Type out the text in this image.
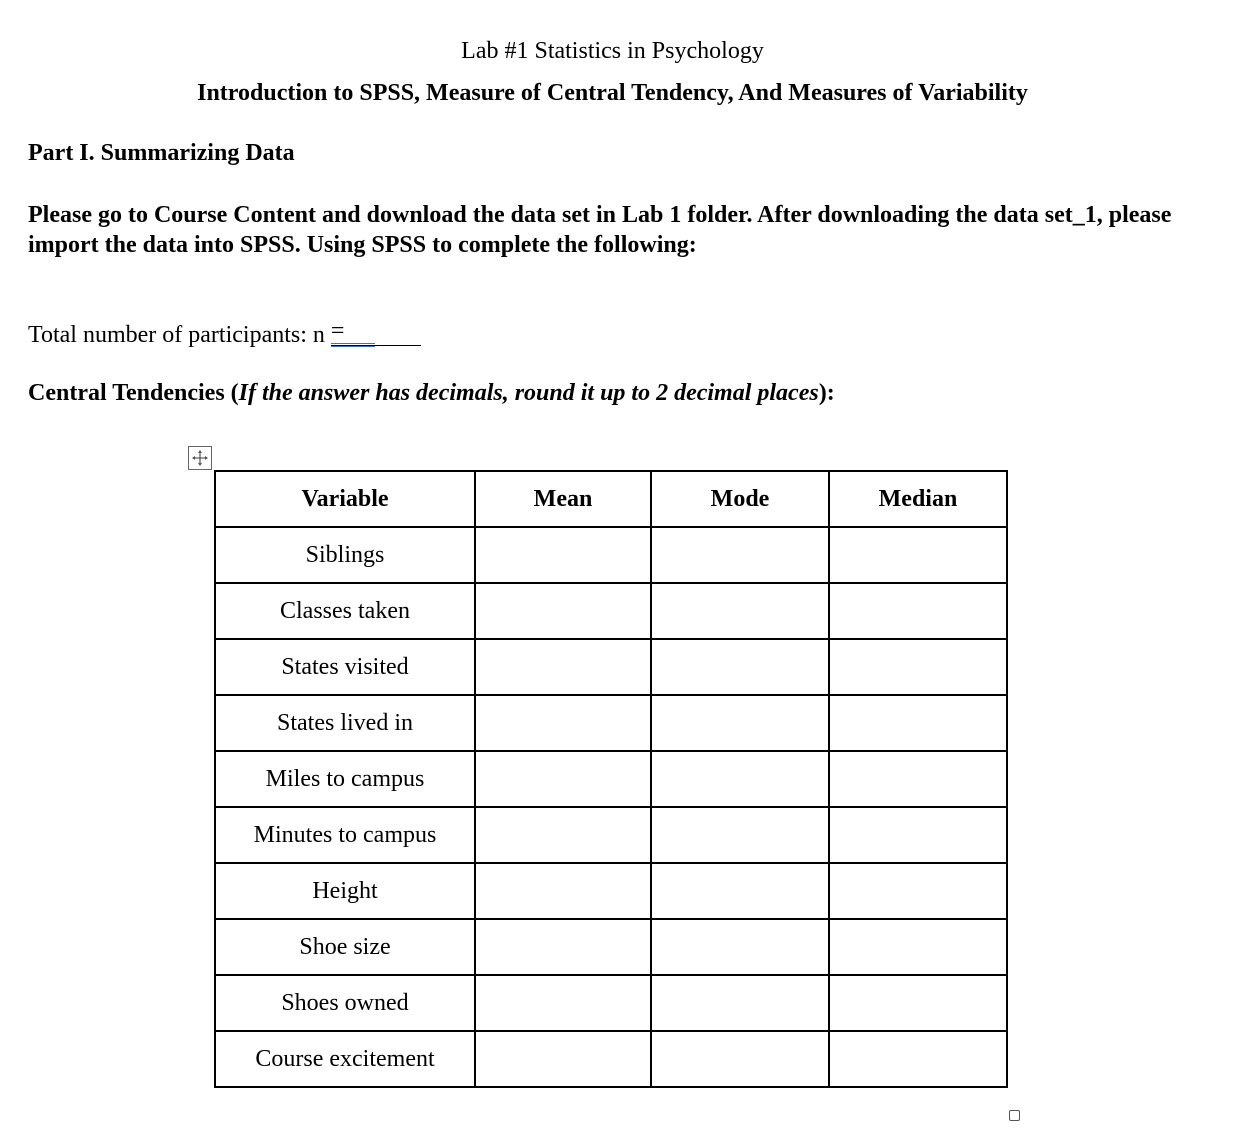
Lab #1 Statistics in Psychology
Introduction to SPSS, Measure of Central Tendency, And Measures of Variability
Part I. Summarizing Data
Please go to Course Content and download the data set in Lab 1 folder. After downloading the data set_1, please import the data into SPSS. Using SPSS to complete the following:
Total number of participants: n =
Central Tendencies (If the answer has decimals, round it up to 2 decimal places):
Variable	Mean	Mode	Median
Siblings			
Classes taken			
States visited			
States lived in			
Miles to campus			
Minutes to campus			
Height			
Shoe size			
Shoes owned			
Course excitement			
